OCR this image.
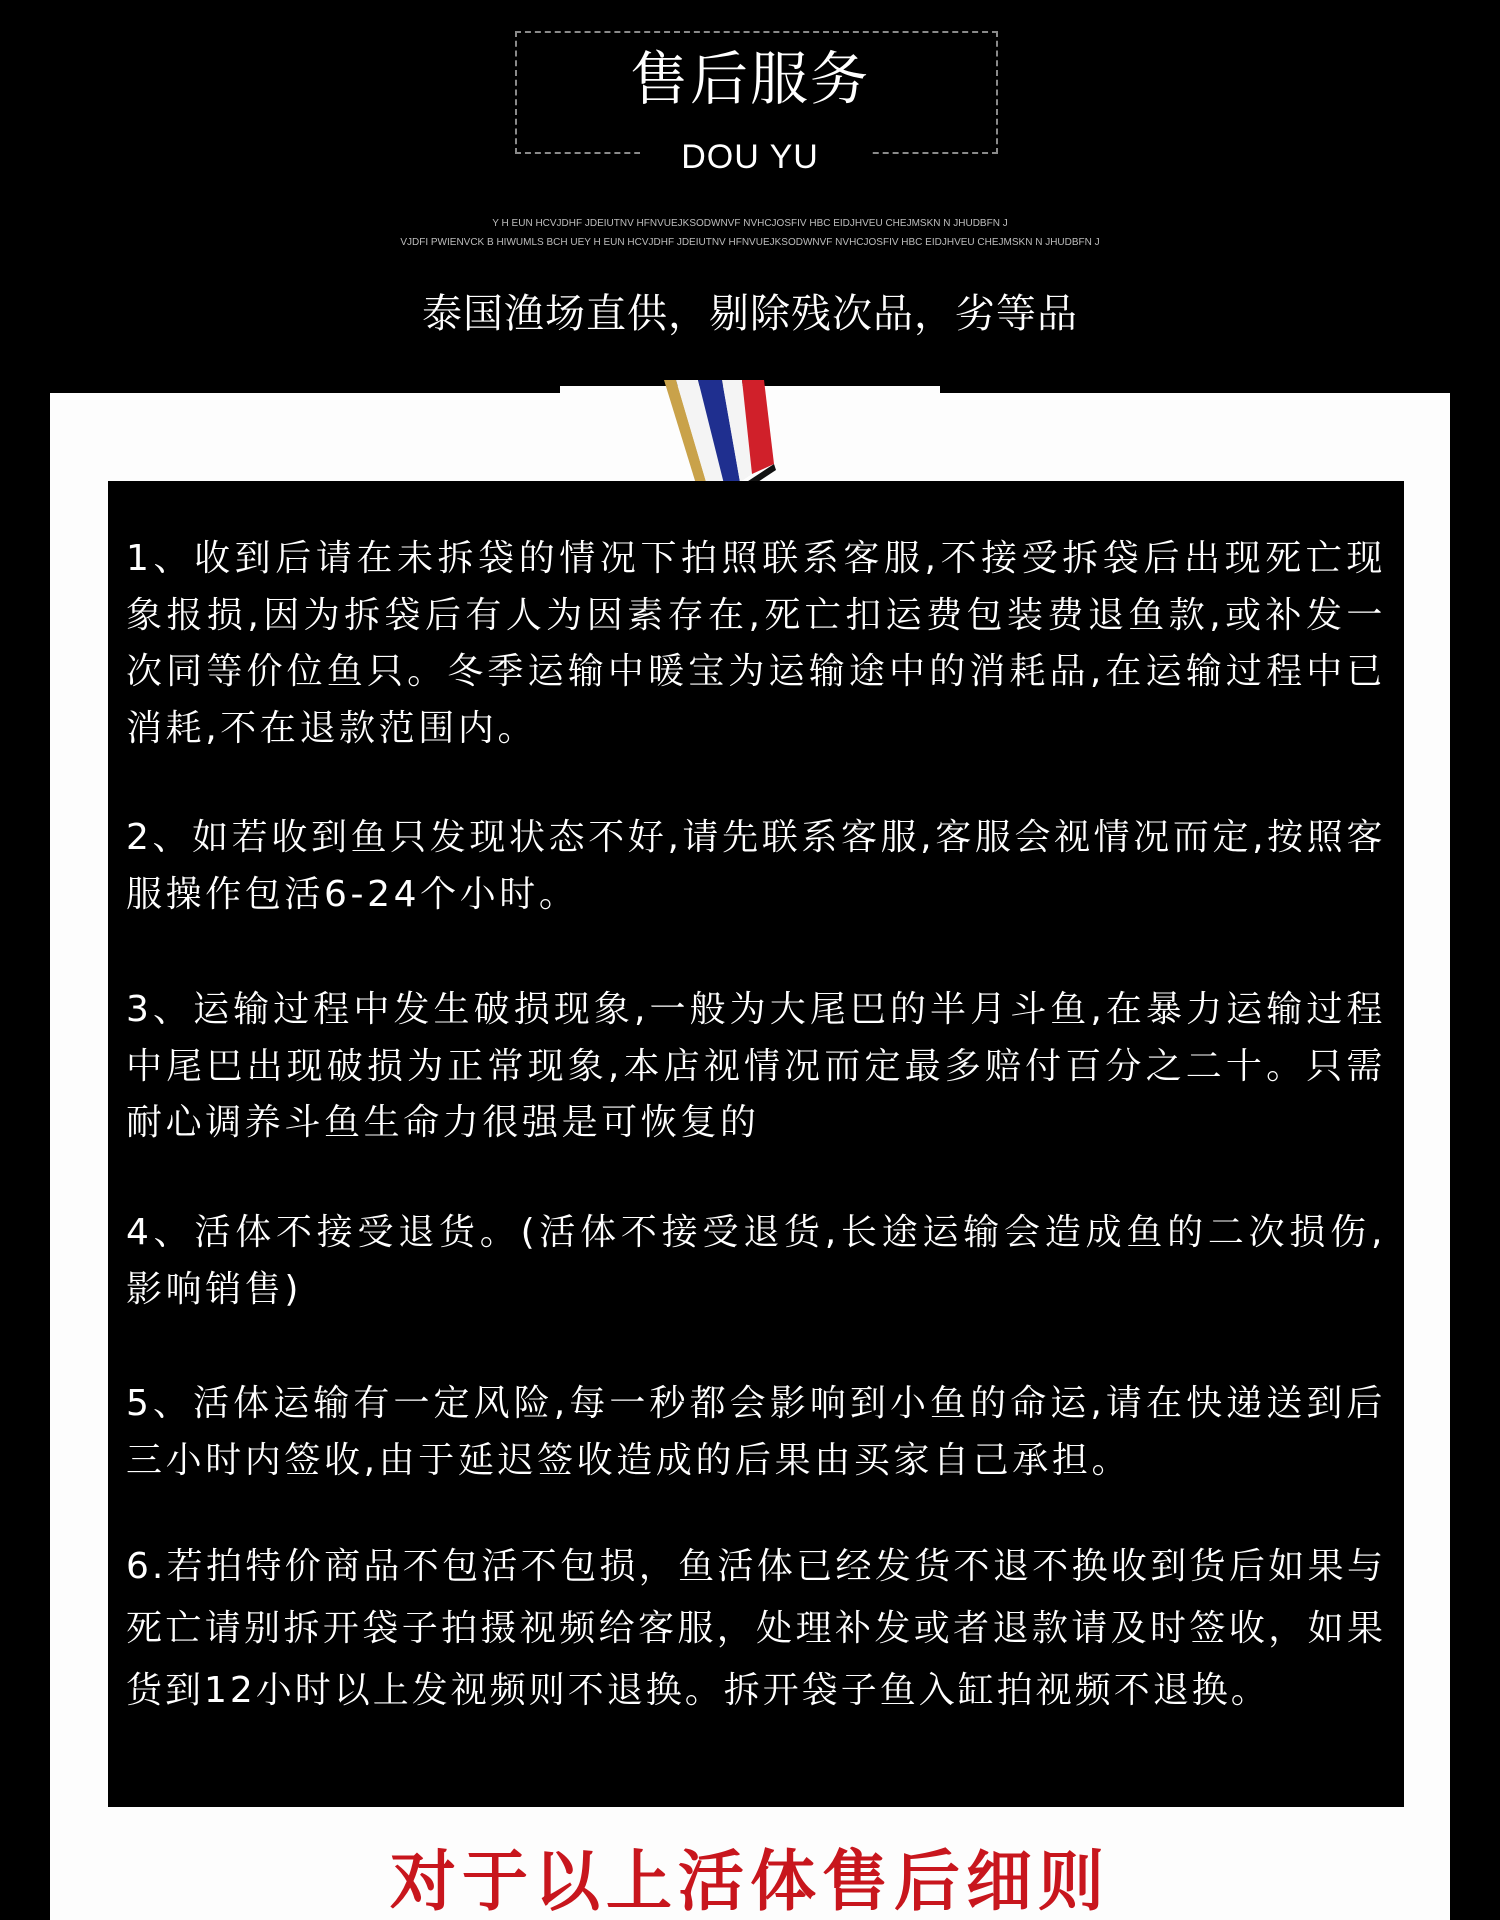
售后服务
DOU YU
Y H EUN HCVJDHF JDEIUTNV HFNVUEJKSODWNVF NVHCJOSFIV HBC EIDJHVEU CHEJMSKN N JHUDBFN J
VJDFI PWIENVCK B HIWUMLS BCH UEY H EUN HCVJDHF JDEIUTNV HFNVUEJKSODWNVF NVHCJOSFIV HBC EIDJHVEU CHEJMSKN N JHUDBFN J
泰国渔场直供，剔除残次品，劣等品

1、收到后请在未拆袋的情况下拍照联系客服,不接受拆袋后出现死亡现象报损,因为拆袋后有人为因素存在,死亡扣运费包装费退鱼款,或补发一次同等价位鱼只。冬季运输中暖宝为运输途中的消耗品,在运输过程中已消耗,不在退款范围内。

2、如若收到鱼只发现状态不好,请先联系客服,客服会视情况而定,按照客服操作包活6-24个小时。

3、运输过程中发生破损现象,一般为大尾巴的半月斗鱼,在暴力运输过程中尾巴出现破损为正常现象,本店视情况而定最多赔付百分之二十。只需耐心调养斗鱼生命力很强是可恢复的

4、活体不接受退货。(活体不接受退货,长途运输会造成鱼的二次损伤,影响销售)

5、活体运输有一定风险,每一秒都会影响到小鱼的命运,请在快递送到后三小时内签收,由于延迟签收造成的后果由买家自己承担。

6.若拍特价商品不包活不包损，鱼活体已经发货不退不换收到货后如果与死亡请别拆开袋子拍摄视频给客服，处理补发或者退款请及时签收，如果货到12小时以上发视频则不退换。拆开袋子鱼入缸拍视频不退换。

对于以上活体售后细则
